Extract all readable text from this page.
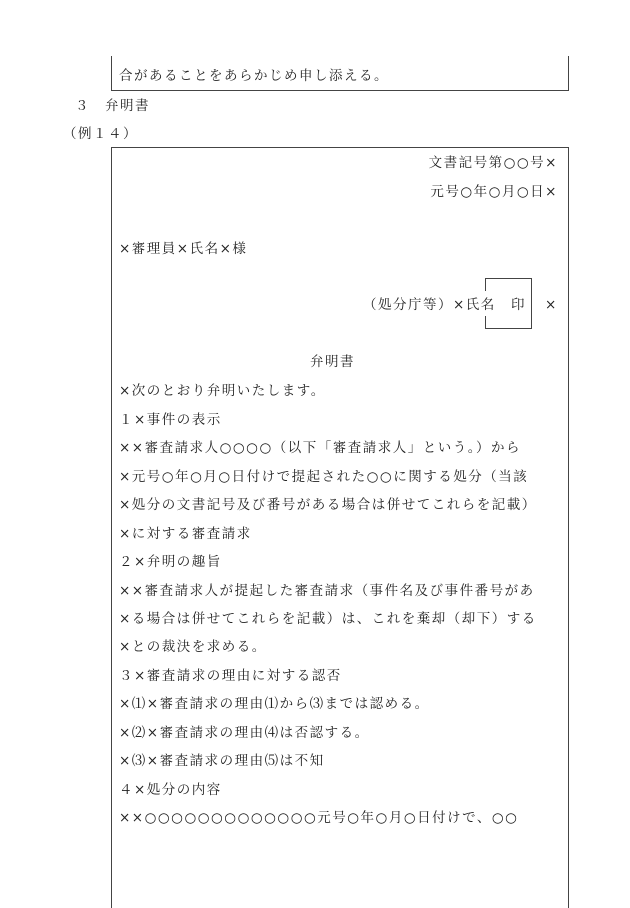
合があることをあらかじめ申し添える。
３　弁明書
（例１４）
文書記号第○○号×
元号○年○月○日×
×審理員×氏名×様
（処分庁等）×氏名 印 ×
弁明書
×次のとおり弁明いたします。
１×事件の表示
××審査請求人○○○○（以下「審査請求人」という。）から
×元号○年○月○日付けで提起された○○に関する処分（当該
×処分の文書記号及び番号がある場合は併せてこれらを記載）
×に対する審査請求
２×弁明の趣旨
××審査請求人が提起した審査請求（事件名及び事件番号があ
×る場合は併せてこれらを記載）は、これを棄却（却下）する
×との裁決を求める。
３×審査請求の理由に対する認否
×⑴×審査請求の理由⑴から⑶までは認める。
×⑵×審査請求の理由⑷は否認する。
×⑶×審査請求の理由⑸は不知
４×処分の内容
××○○○○○○○○○○○○○元号○年○月○日付けで、○○
